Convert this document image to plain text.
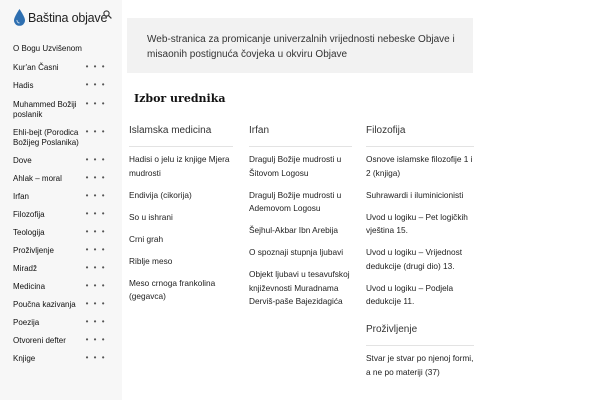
Baština objave
O Bogu Uzvišenom
Kur'an Časni	• • •
Hadis	• • •
Muhammed Božiji poslanik
• • •
Ehli-bejt (Porodica Božijeg Poslanika)
• • •
Dove	• • •
Ahlak – moral	• • •
Irfan	• • •
Filozofija	• • •
Teologija	• • •
Proživljenje	• • •
Miradž	• • •
Medicina	• • •
Poučna kazivanja	• • •
Poezija	• • •
Otvoreni defter	• • •
Knjige	• • •

Web-stranica za promicanje univerzalnih vrijednosti nebeske Objave i misaonih postignuća čovjeka u okviru Objave

Izbor urednika
Islamska medicina
Hadisi o jelu iz knjige Mjera mudrosti
Endivija (cikorija)
So u ishrani
Crni grah
Riblje meso
Meso crnoga frankolina (gegavca)
Irfan
Dragulj Božije mudrosti u Šitovom Logosu
Dragulj Božije mudrosti u Ademovom Logosu
Šejhul-Akbar Ibn Arebija
O spoznaji stupnja ljubavi
Objekt ljubavi u tesavufskoj književnosti Muradnama Derviš-paše Bajezidagića
Filozofija
Osnove islamske filozofije 1 i 2 (knjiga)
Suhrawardi i iluminicionisti
Uvod u logiku – Pet logičkih vještina 15.
Uvod u logiku – Vrijednost dedukcije (drugi dio) 13.
Uvod u logiku – Podjela dedukcije 11.
Proživljenje
Stvar je stvar po njenoj formi, a ne po materiji (37)
